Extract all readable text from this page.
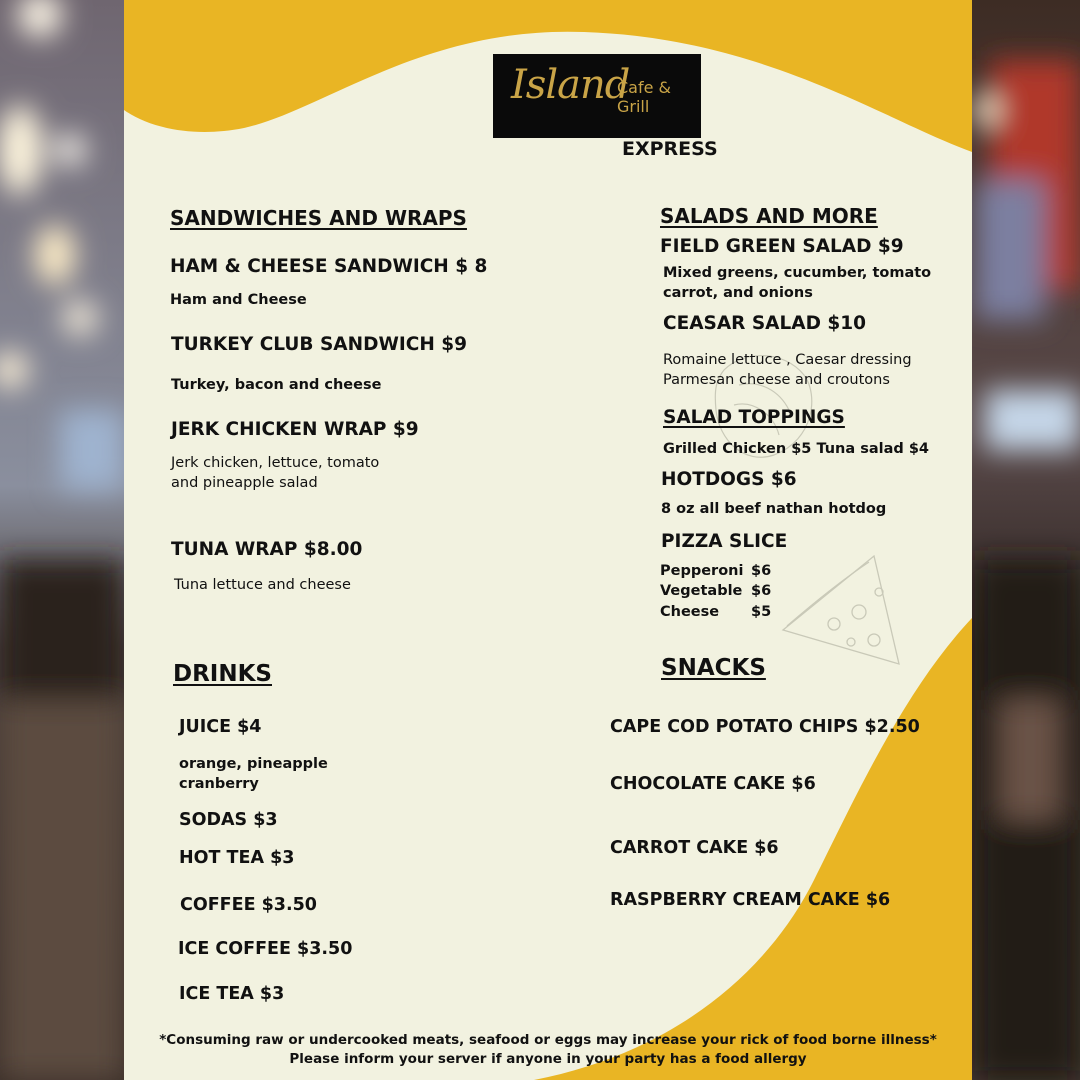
Island
Cafe &
Grill

EXPRESS

SANDWICHES AND WRAPS

HAM & CHEESE SANDWICH $ 8

Ham and Cheese

TURKEY CLUB SANDWICH $9

Turkey, bacon and cheese

JERK CHICKEN WRAP $9

Jerk chicken, lettuce, tomato

and pineapple salad

TUNA WRAP $8.00

Tuna lettuce and cheese

SALADS AND MORE

FIELD GREEN SALAD $9

Mixed greens, cucumber, tomato

carrot, and onions

CEASAR SALAD $10

Romaine lettuce , Caesar dressing

Parmesan cheese and croutons

SALAD TOPPINGS

Grilled Chicken $5 Tuna salad $4

HOTDOGS $6

8 oz all beef nathan hotdog

PIZZA SLICE

Pepperoni $6

Vegetable $6

Cheese $5

DRINKS

JUICE $4

orange, pineapple

cranberry

SODAS $3

HOT TEA $3

COFFEE $3.50

ICE COFFEE $3.50

ICE TEA $3

SNACKS

CAPE COD POTATO CHIPS $2.50

CHOCOLATE CAKE $6

CARROT CAKE $6

RASPBERRY CREAM CAKE $6

*Consuming raw or undercooked meats, seafood or eggs may increase your rick of food borne illness*
Please inform your server if anyone in your party has a food allergy
